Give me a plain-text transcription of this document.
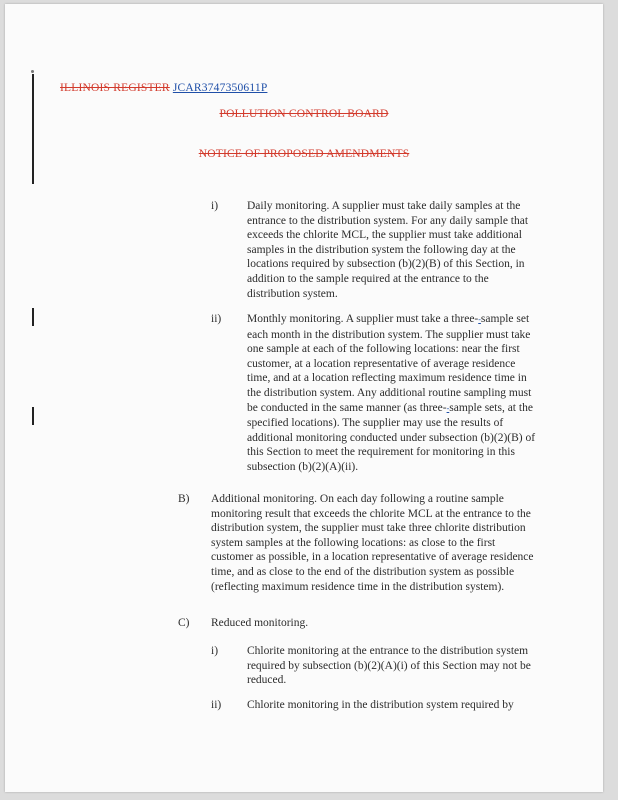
ILLINOIS REGISTER JCAR3747350611P
POLLUTION CONTROL BOARD
NOTICE OF PROPOSED AMENDMENTS
i)	Daily monitoring. A supplier must take daily samples at the entrance to the distribution system. For any daily sample that exceeds the chlorite MCL, the supplier must take additional samples in the distribution system the following day at the locations required by subsection (b)(2)(B) of this Section, in addition to the sample required at the entrance to the distribution system.
ii) Monthly monitoring. A supplier must take a three--sample set each month in the distribution system. The supplier must take one sample at each of the following locations: near the first customer, at a location representative of average residence time, and at a location reflecting maximum residence time in the distribution system. Any additional routine sampling must be conducted in the same manner (as three--sample sets, at the specified locations). The supplier may use the results of additional monitoring conducted under subsection (b)(2)(B) of this Section to meet the requirement for monitoring in this subsection (b)(2)(A)(ii).
B) Additional monitoring. On each day following a routine sample monitoring result that exceeds the chlorite MCL at the entrance to the distribution system, the supplier must take three chlorite distribution system samples at the following locations: as close to the first customer as possible, in a location representative of average residence time, and as close to the end of the distribution system as possible (reflecting maximum residence time in the distribution system).
C) Reduced monitoring.
i)	Chlorite monitoring at the entrance to the distribution system required by subsection (b)(2)(A)(i) of this Section may not be reduced.
ii) Chlorite monitoring in the distribution system required by
